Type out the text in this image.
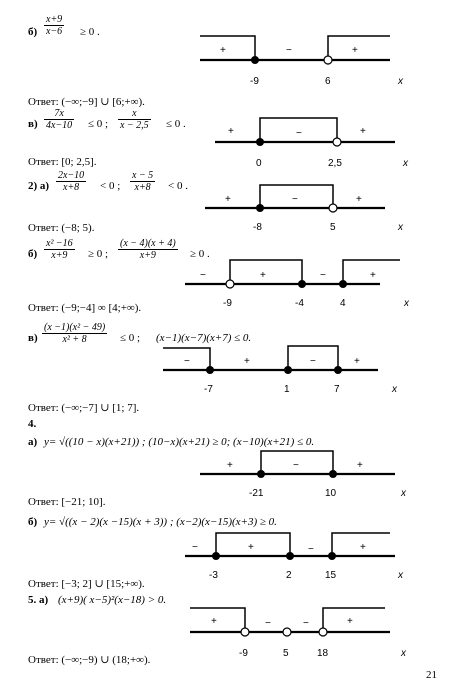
$б) \frac{x+9}{x-6} \ge 0$ .
+	−	+
-9	6	x
Ответ: (−∞;−9] ∪ [6;+∞).
$в) \frac{7x}{4x-10} \le 0$ ; $\frac{x}{x - 2,5} \le 0$ .
+	−	+
0	2,5	x
Ответ: [0; 2,5].
2) $а) \frac{2x-10}{x+8} < 0$ ; $\frac{x - 5}{x+8} < 0$ .
+	−	+
-8	5	x
Ответ: (−8; 5).
$б) \frac{\text{x² −16}}{x+9} \ge 0$ ; $\frac{(x - 4)(x + 4)}{x+9} \ge 0$ .
−	+	−	+
-9	-4	4	x
Ответ: (−9;−4] ∞ [4;+∞).
$в) \frac{\text{(x −1)(x² − 49)}}{\text{x² + 8}} \le 0$ ; (x−1)(x−7)(x+7) ≤ 0.
−	+	−	+
-7	1	7	x
Ответ: (−∞;−7] ∪ [1; 7].
4.
а) y= √((10 − x)(x+21)) ; (10−x)(x+21) ≥ 0; (x−10)(x+21) ≤ 0.
+	−	+
-21	10	x
Ответ: [−21; 10].
б) y= √((x − 2)(x −15)(x + 3)) ; (x−2)(x−15)(x+3) ≥ 0.
−	+	−	+
-3	2	15	x
Ответ: [−3; 2] ∪ [15;+∞).
5. а) (x+9)( x−5)²(x−18) > 0.
+	−	−	+
-9	5	18	x
Ответ: (−∞;−9) ∪ (18;+∞).
21
